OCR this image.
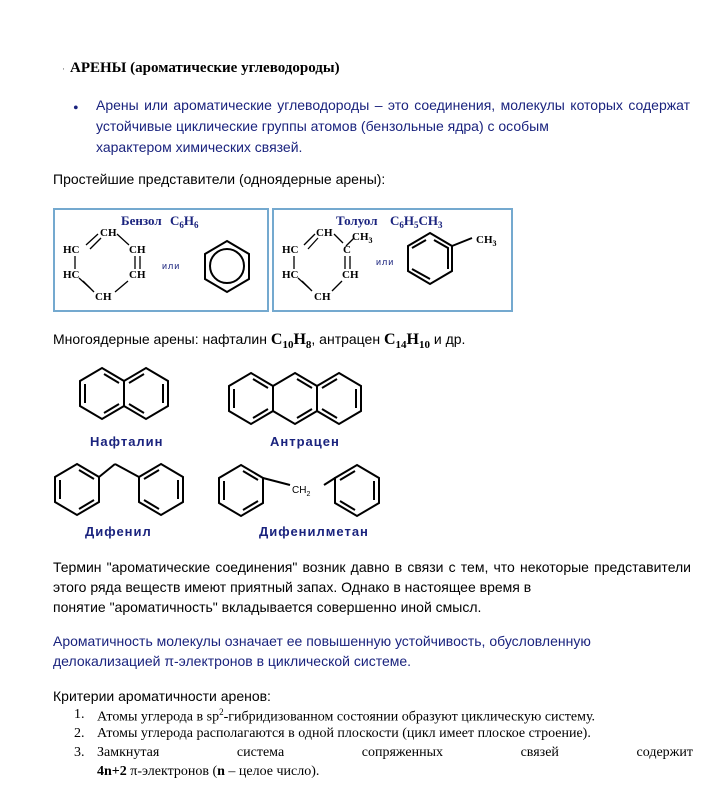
· АРЕНЫ (ароматические углеводороды)
• Арены или ароматические углеводороды – это соединения, молекулы которых содержат устойчивые циклические группы атомов (бензольные ядра) с особым
характером химических связей.
Простейшие представители (одноядерные арены):
Бензол $C_6H_6$
CH
HC	CH
HC	CH
CH
или
Толуол $C_6H_5CH_3$
CH
HC	C
HC	CH
CH
$CH_3$
или
$CH_3$
Многоядерные арены: нафталин $C_{10}H_8$, антрацен $C_{14}H_{10}$ и др.
$CH_2$
Нафталин	Антрацен
Дифенил	Дифенилметан
Термин "ароматические соединения" возник давно в связи с тем, что некоторые представители этого ряда веществ имеют приятный запах. Однако в настоящее время в
понятие "ароматичность" вкладывается совершенно иной смысл.
Ароматичность молекулы означает ее повышенную устойчивость, обусловленную
делокализацией π-электронов в циклической системе.
Критерии ароматичности аренов:
1. Атомы углерода в $sp^2$-гибридизованном состоянии образуют циклическую систему.
2. Атомы углерода располагаются в одной плоскости (цикл имеет плоское строение).
3. Замкнутая	система	сопряженных	связей	содержит
4n+2 π-электронов (n – целое число).
